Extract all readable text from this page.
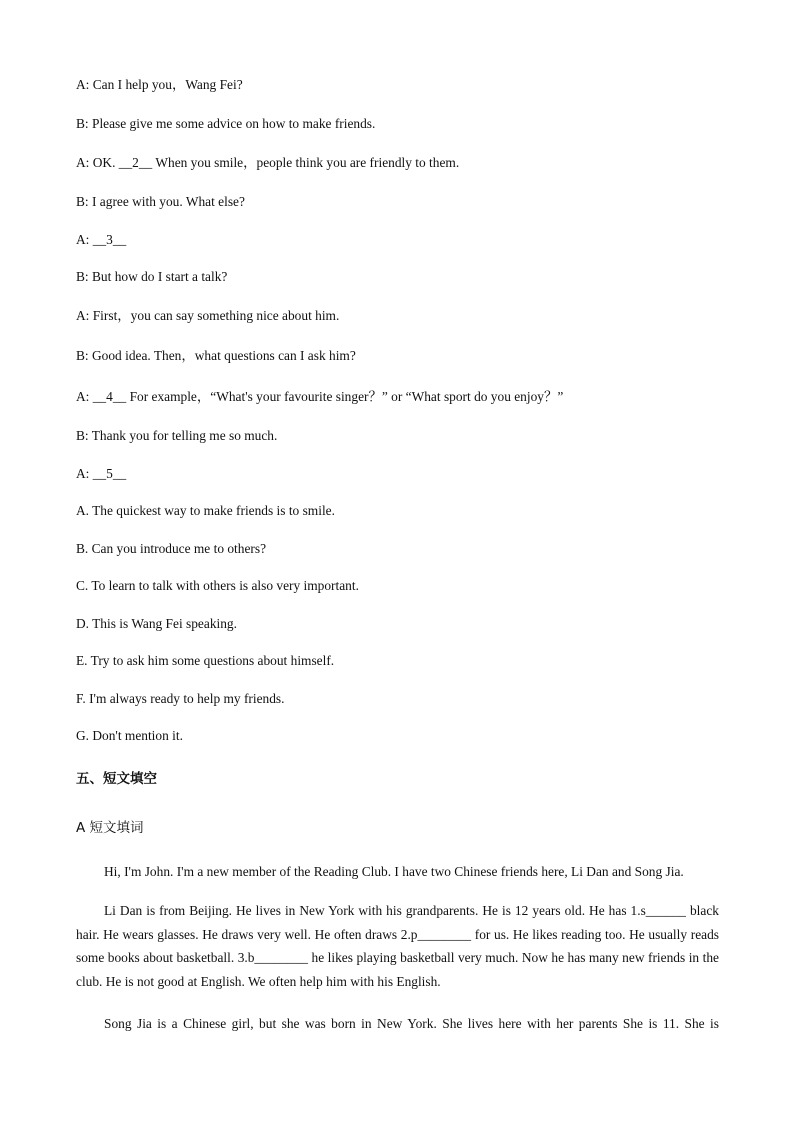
A: Can I help you，Wang Fei?
B: Please give me some advice on how to make friends.
A: OK. __2__ When you smile，people think you are friendly to them.
B: I agree with you. What else?
A: __3__
B: But how do I start a talk?
A: First，you can say something nice about him.
B: Good idea. Then，what questions can I ask him?
A: __4__ For example，“What's your favourite singer？” or “What sport do you enjoy？”
B: Thank you for telling me so much.
A: __5__
A. The quickest way to make friends is to smile.
B. Can you introduce me to others?
C. To learn to talk with others is also very important.
D. This is Wang Fei speaking.
E. Try to ask him some questions about himself.
F. I'm always ready to help my friends.
G. Don't mention it.
五、短文填空
A 短文填词
Hi, I'm John. I'm a new member of the Reading Club. I have two Chinese friends here, Li Dan and Song Jia.
Li Dan is from Beijing. He lives in New York with his grandparents. He is 12 years old. He has 1.s______ black hair. He wears glasses. He draws very well. He often draws 2.p________ for us. He likes reading too. He usually reads some books about basketball. 3.b________ he likes playing basketball very much. Now he has many new friends in the club. He is not good at English. We often help him with his English.
Song Jia is a Chinese girl, but she was born in New York. She lives here with her parents She is 11. She is
